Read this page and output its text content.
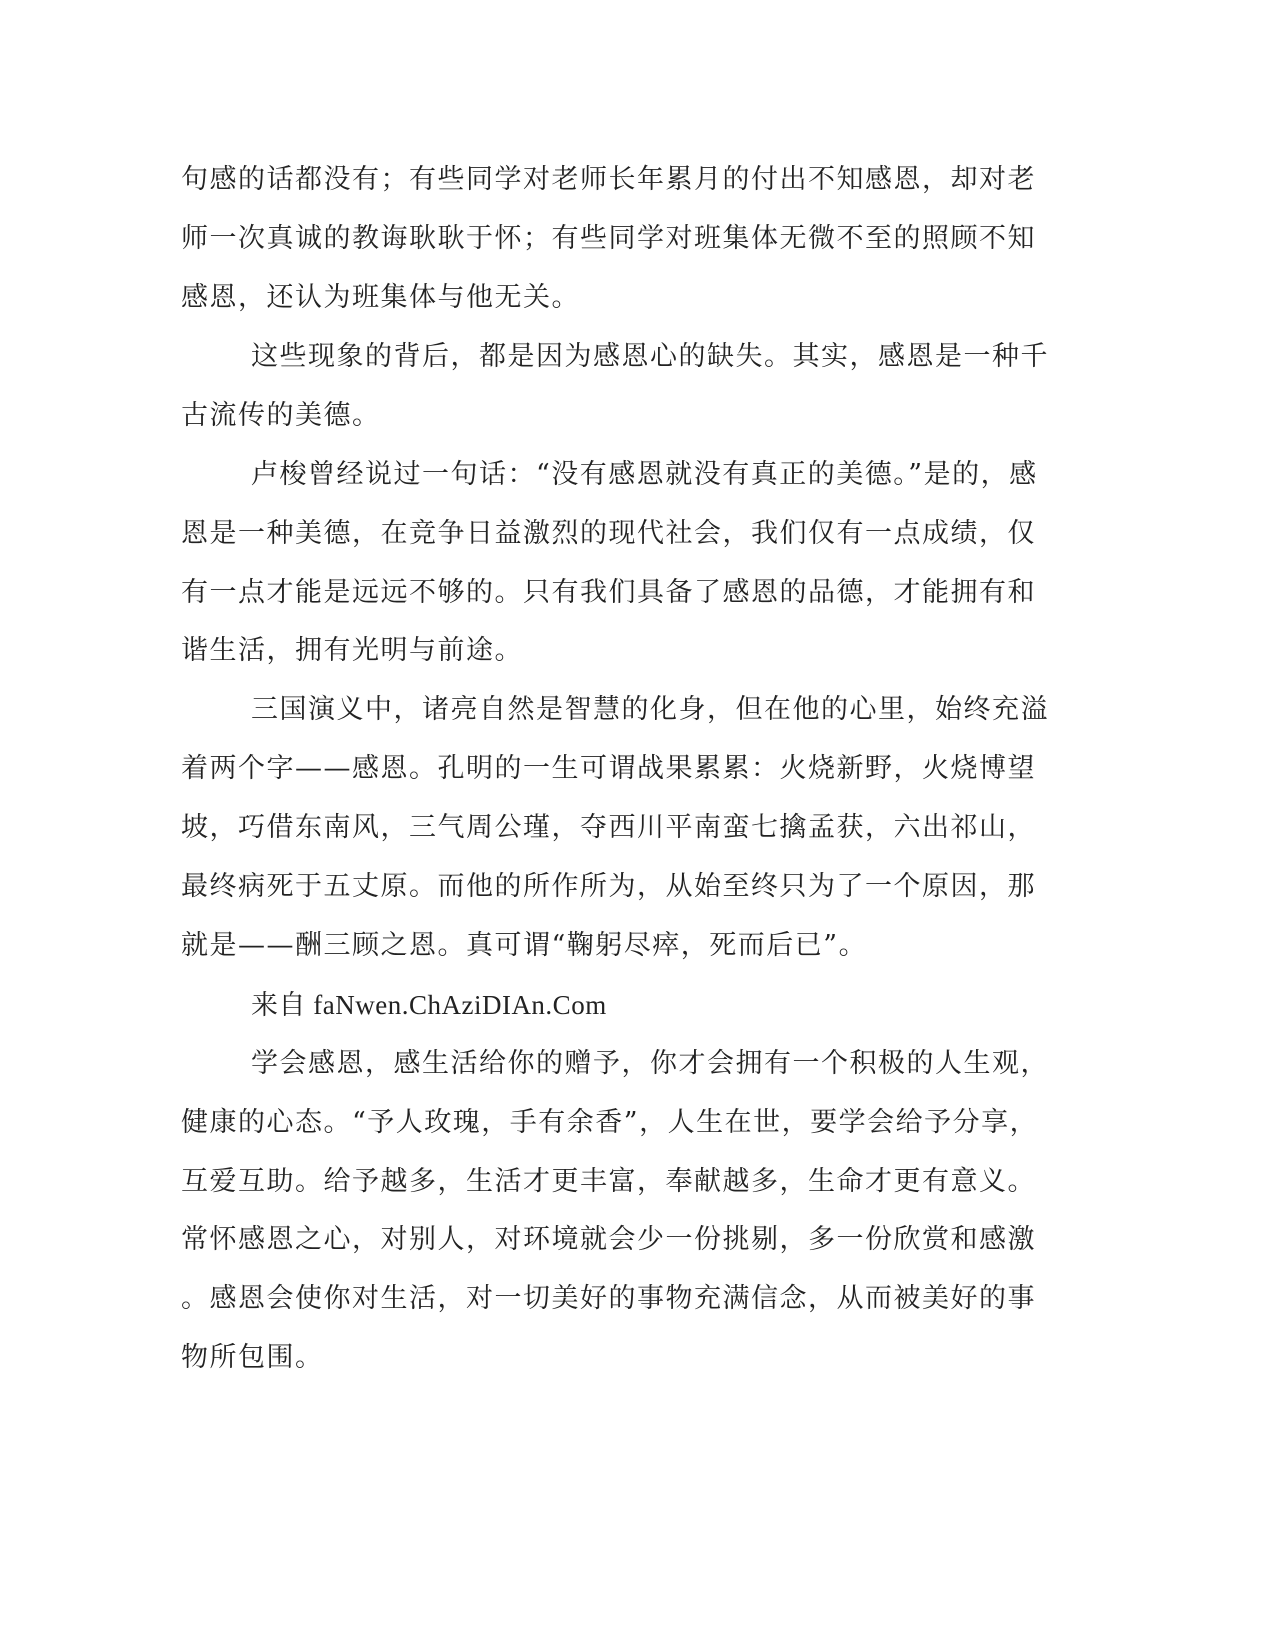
句感的话都没有；有些同学对老师长年累月的付出不知感恩，却对老
师一次真诚的教诲耿耿于怀；有些同学对班集体无微不至的照顾不知
感恩，还认为班集体与他无关。
这些现象的背后，都是因为感恩心的缺失。其实，感恩是一种千
古流传的美德。
卢梭曾经说过一句话：“没有感恩就没有真正的美德。”是的，感
恩是一种美德，在竞争日益激烈的现代社会，我们仅有一点成绩，仅
有一点才能是远远不够的。只有我们具备了感恩的品德，才能拥有和
谐生活，拥有光明与前途。
三国演义中，诸亮自然是智慧的化身，但在他的心里，始终充溢
着两个字——感恩。孔明的一生可谓战果累累：火烧新野，火烧博望
坡，巧借东南风，三气周公瑾，夺西川平南蛮七擒孟获，六出祁山，
最终病死于五丈原。而他的所作所为，从始至终只为了一个原因，那
就是——酬三顾之恩。真可谓“鞠躬尽瘁，死而后已”。
来自 faNwen.ChAziDIAn.Com
学会感恩，感生活给你的赠予，你才会拥有一个积极的人生观，
健康的心态。“予人玫瑰，手有余香”，人生在世，要学会给予分享，
互爱互助。给予越多，生活才更丰富，奉献越多，生命才更有意义。
常怀感恩之心，对别人，对环境就会少一份挑剔，多一份欣赏和感激
。感恩会使你对生活，对一切美好的事物充满信念，从而被美好的事
物所包围。
